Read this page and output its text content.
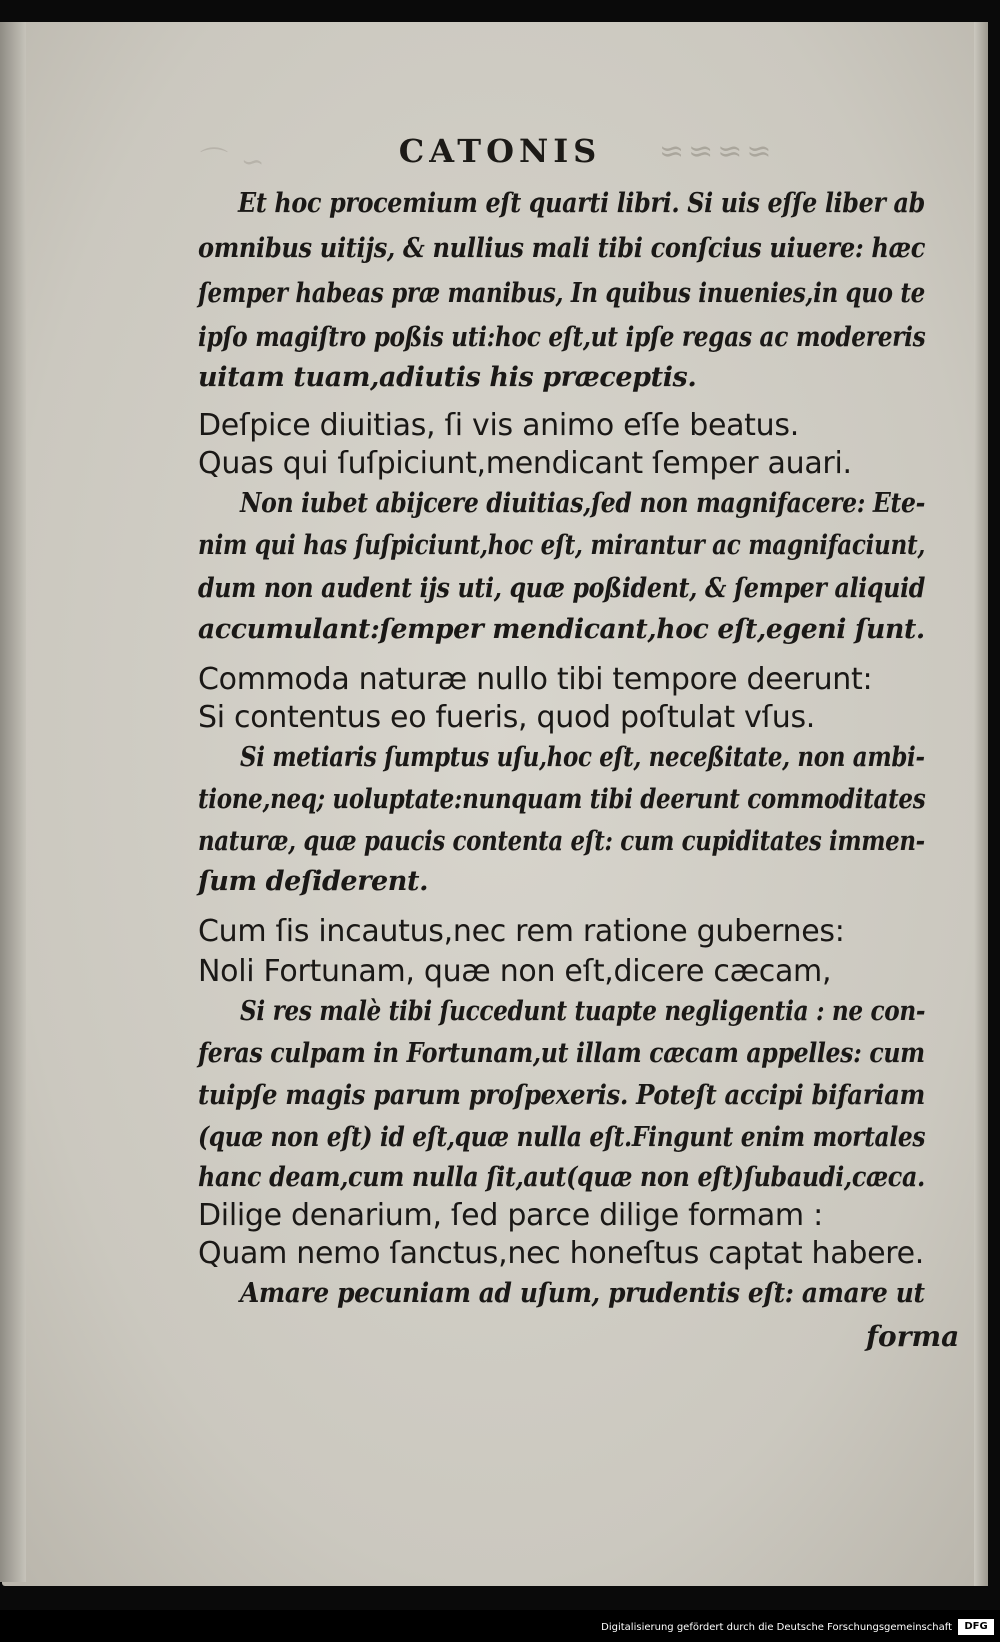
~ ⌒	≈≈≈≈
CATONIS
Et hoc procemium eſt quarti libri. Si uis eſſe liber ab
omnibus uitijs, & nullius mali tibi conſcius uiuere: hæc
ſemper habeas præ manibus, In quibus inuenies,in quo te
ipſo magiſtro poßis uti:hoc eſt,ut ipſe regas ac modereris
uitam tuam,adiutis his præceptis.
Deſpice diuitias, ſi vis animo eſſe beatus.
Quas qui ſuſpiciunt,mendicant ſemper auari.
Non iubet abijcere diuitias,ſed non magnifacere: Ete-
nim qui has ſuſpiciunt,hoc eſt, mirantur ac magnifaciunt,
dum non audent ijs uti, quæ poßident, & ſemper aliquid
accumulant:ſemper mendicant,hoc eſt,egeni ſunt.
Commoda naturæ nullo tibi tempore deerunt:
Si contentus eo fueris, quod poſtulat vſus.
Si metiaris ſumptus uſu,hoc eſt, neceßitate, non ambi-
tione,neq; uoluptate:nunquam tibi deerunt commoditates
naturæ, quæ paucis contenta eſt: cum cupiditates immen-
ſum deſiderent.
Cum ſis incautus,nec rem ratione gubernes:
Noli Fortunam, quæ non eſt,dicere cæcam,
Si res malè tibi ſuccedunt tuapte negligentia : ne con-
feras culpam in Fortunam,ut illam cæcam appelles: cum
tuipſe magis parum proſpexeris. Poteſt accipi bifariam
(quæ non eſt) id eſt,quæ nulla eſt.Fingunt enim mortales
hanc deam,cum nulla ſit,aut(quæ non eſt)ſubaudi,cæca.
Dilige denarium, ſed parce dilige formam :
Quam nemo ſanctus,nec honeſtus captat habere.
Amare pecuniam ad uſum, prudentis eſt: amare ut
forma
Digitalisierung gefördert durch die Deutsche Forschungsgemeinschaft	DFG
